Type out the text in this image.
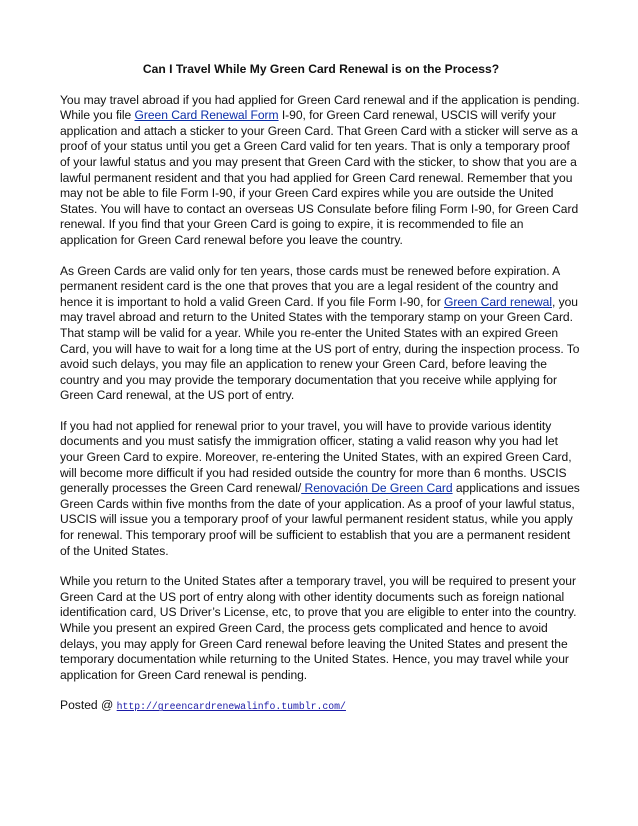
Can I Travel While My Green Card Renewal is on the Process?

You may travel abroad if you had applied for Green Card renewal and if the application is pending. While you file Green Card Renewal Form I-90, for Green Card renewal, USCIS will verify your application and attach a sticker to your Green Card. That Green Card with a sticker will serve as a proof of your status until you get a Green Card valid for ten years. That is only a temporary proof of your lawful status and you may present that Green Card with the sticker, to show that you are a lawful permanent resident and that you had applied for Green Card renewal. Remember that you may not be able to file Form I-90, if your Green Card expires while you are outside the United States. You will have to contact an overseas US Consulate before filing Form I-90, for Green Card renewal. If you find that your Green Card is going to expire, it is recommended to file an application for Green Card renewal before you leave the country.

As Green Cards are valid only for ten years, those cards must be renewed before expiration. A permanent resident card is the one that proves that you are a legal resident of the country and hence it is important to hold a valid Green Card. If you file Form I-90, for Green Card renewal, you may travel abroad and return to the United States with the temporary stamp on your Green Card. That stamp will be valid for a year. While you re-enter the United States with an expired Green Card, you will have to wait for a long time at the US port of entry, during the inspection process. To avoid such delays, you may file an application to renew your Green Card, before leaving the country and you may provide the temporary documentation that you receive while applying for Green Card renewal, at the US port of entry.

If you had not applied for renewal prior to your travel, you will have to provide various identity documents and you must satisfy the immigration officer, stating a valid reason why you had let your Green Card to expire. Moreover, re-entering the United States, with an expired Green Card, will become more difficult if you had resided outside the country for more than 6 months. USCIS generally processes the Green Card renewal/ Renovación De Green Card applications and issues Green Cards within five months from the date of your application. As a proof of your lawful status, USCIS will issue you a temporary proof of your lawful permanent resident status, while you apply for renewal. This temporary proof will be sufficient to establish that you are a permanent resident of the United States.

While you return to the United States after a temporary travel, you will be required to present your Green Card at the US port of entry along with other identity documents such as foreign national identification card, US Driver’s License, etc, to prove that you are eligible to enter into the country. While you present an expired Green Card, the process gets complicated and hence to avoid delays, you may apply for Green Card renewal before leaving the United States and present the temporary documentation while returning to the United States. Hence, you may travel while your application for Green Card renewal is pending.

Posted @ http://greencardrenewalinfo.tumblr.com/
